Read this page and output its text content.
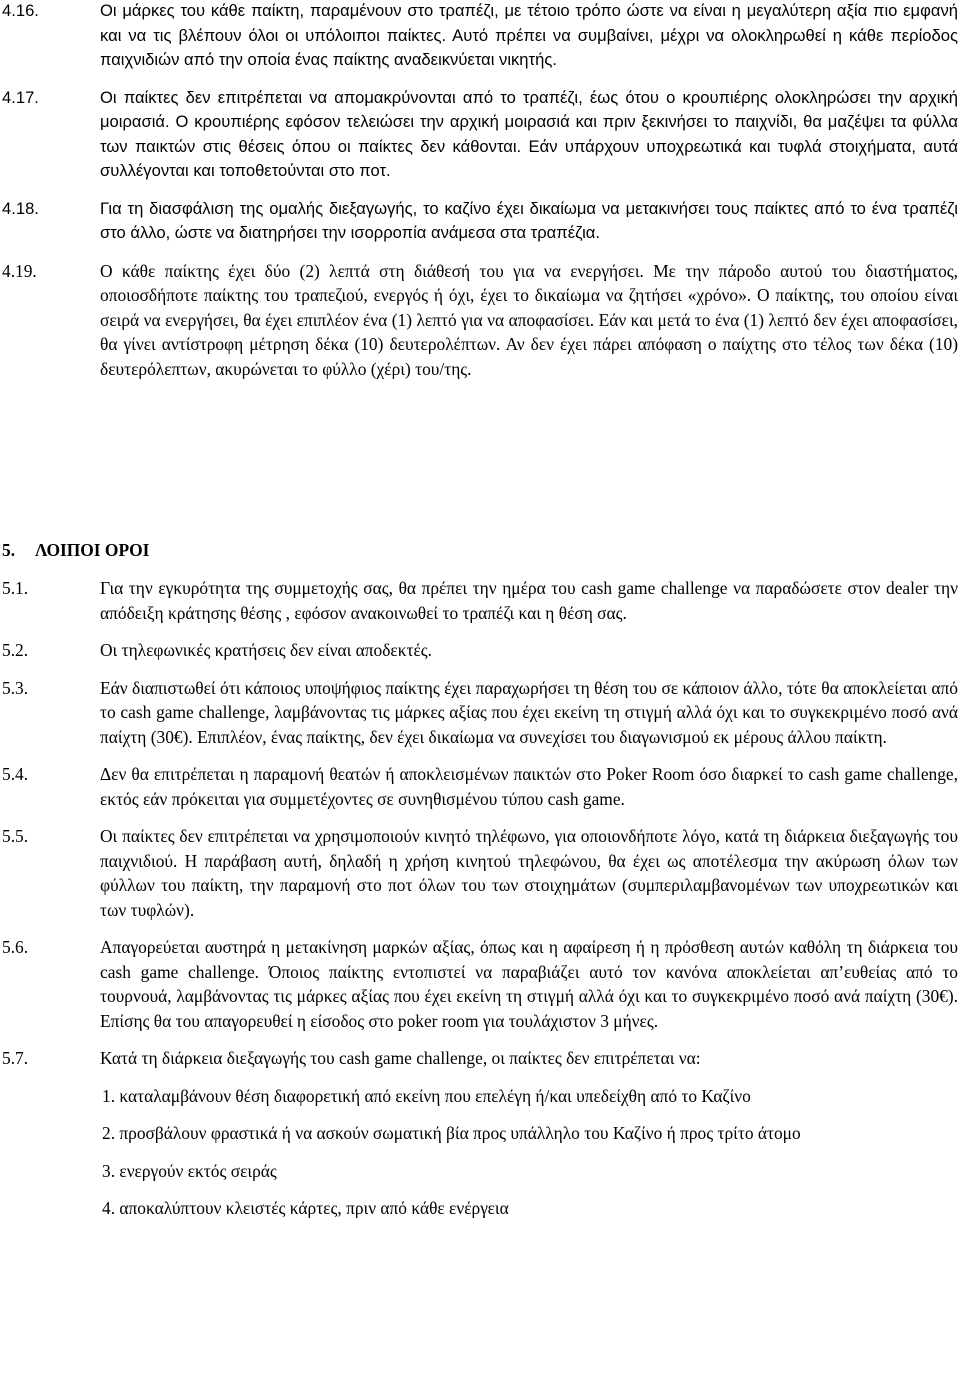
4.16.	Οι μάρκες του κάθε παίκτη, παραμένουν στο τραπέζι, με τέτοιο τρόπο ώστε να είναι η μεγαλύτερη αξία πιο εμφανή και να τις βλέπουν όλοι οι υπόλοιποι παίκτες. Αυτό πρέπει να συμβαίνει, μέχρι να ολοκληρωθεί η κάθε περίοδος παιχνιδιών από την οποία ένας παίκτης αναδεικνύεται νικητής.
4.17.	Οι παίκτες δεν επιτρέπεται να απομακρύνονται από το τραπέζι, έως ότου ο κρουπιέρης ολοκληρώσει την αρχική μοιρασιά. Ο κρουπιέρης εφόσον τελειώσει την αρχική μοιρασιά και πριν ξεκινήσει το παιχνίδι, θα μαζέψει τα φύλλα των παικτών στις θέσεις όπου οι παίκτες δεν κάθονται. Εάν υπάρχουν υποχρεωτικά και τυφλά στοιχήματα, αυτά συλλέγονται και τοποθετούνται στο ποτ.
4.18.	Για τη διασφάλιση της ομαλής διεξαγωγής, το καζίνο έχει δικαίωμα να μετακινήσει τους παίκτες από το ένα τραπέζι στο άλλο, ώστε να διατηρήσει την ισορροπία ανάμεσα στα τραπέζια.
4.19.	Ο κάθε παίκτης έχει δύο (2) λεπτά στη διάθεσή του για να ενεργήσει. Με την πάροδο αυτού του διαστήματος, οποιοσδήποτε παίκτης του τραπεζιού, ενεργός ή όχι, έχει το δικαίωμα να ζητήσει «χρόνο». Ο παίκτης, του οποίου είναι σειρά να ενεργήσει, θα έχει επιπλέον ένα (1) λεπτό για να αποφασίσει. Εάν και μετά το ένα (1) λεπτό δεν έχει αποφασίσει, θα γίνει αντίστροφη μέτρηση δέκα (10) δευτερολέπτων. Αν δεν έχει πάρει απόφαση ο παίχτης στο τέλος των δέκα (10) δευτερόλεπτων, ακυρώνεται το φύλλο (χέρι) του/της.
5.	ΛΟΙΠΟΙ ΟΡΟΙ
5.1.	Για την εγκυρότητα της συμμετοχής σας, θα πρέπει την ημέρα του cash game challenge να παραδώσετε στον dealer την απόδειξη κράτησης θέσης , εφόσον ανακοινωθεί το τραπέζι και η θέση σας.
5.2.	Οι τηλεφωνικές κρατήσεις δεν είναι αποδεκτές.
5.3.	Εάν διαπιστωθεί ότι κάποιος υποψήφιος παίκτης έχει παραχωρήσει τη θέση του σε κάποιον άλλο, τότε θα αποκλείεται από το cash game challenge, λαμβάνοντας τις μάρκες αξίας που έχει εκείνη τη στιγμή αλλά όχι και το συγκεκριμένο ποσό ανά παίχτη (30€). Επιπλέον, ένας παίκτης, δεν έχει δικαίωμα να συνεχίσει του διαγωνισμού εκ μέρους άλλου παίκτη.
5.4.	Δεν θα επιτρέπεται η παραμονή θεατών ή αποκλεισμένων παικτών στο Poker Room όσο διαρκεί το cash game challenge, εκτός εάν πρόκειται για συμμετέχοντες σε συνηθισμένου τύπου cash game.
5.5.	Οι παίκτες δεν επιτρέπεται να χρησιμοποιούν κινητό τηλέφωνο, για οποιονδήποτε λόγο, κατά τη διάρκεια διεξαγωγής του παιχνιδιού. Η παράβαση αυτή, δηλαδή η χρήση κινητού τηλεφώνου, θα έχει ως αποτέλεσμα την ακύρωση όλων των φύλλων του παίκτη, την παραμονή στο ποτ όλων του των στοιχημάτων (συμπεριλαμβανομένων των υποχρεωτικών και των τυφλών).
5.6.	Απαγορεύεται αυστηρά η μετακίνηση μαρκών αξίας, όπως και η αφαίρεση ή η πρόσθεση αυτών καθόλη τη διάρκεια του cash game challenge. Όποιος παίκτης εντοπιστεί να παραβιάζει αυτό τον κανόνα αποκλείεται απ’ευθείας από το τουρνουά, λαμβάνοντας τις μάρκες αξίας που έχει εκείνη τη στιγμή αλλά όχι και το συγκεκριμένο ποσό ανά παίχτη (30€). Επίσης θα του απαγορευθεί η είσοδος στο poker room για τουλάχιστον 3 μήνες.
5.7.	Κατά τη διάρκεια διεξαγωγής του cash game challenge, οι παίκτες δεν επιτρέπεται να:
1. καταλαμβάνουν θέση διαφορετική από εκείνη που επελέγη ή/και υπεδείχθη από το Καζίνο
2. προσβάλουν φραστικά ή να ασκούν σωματική βία προς υπάλληλο του Καζίνο ή προς τρίτο άτομο
3. ενεργούν εκτός σειράς
4. αποκαλύπτουν κλειστές κάρτες, πριν από κάθε ενέργεια
